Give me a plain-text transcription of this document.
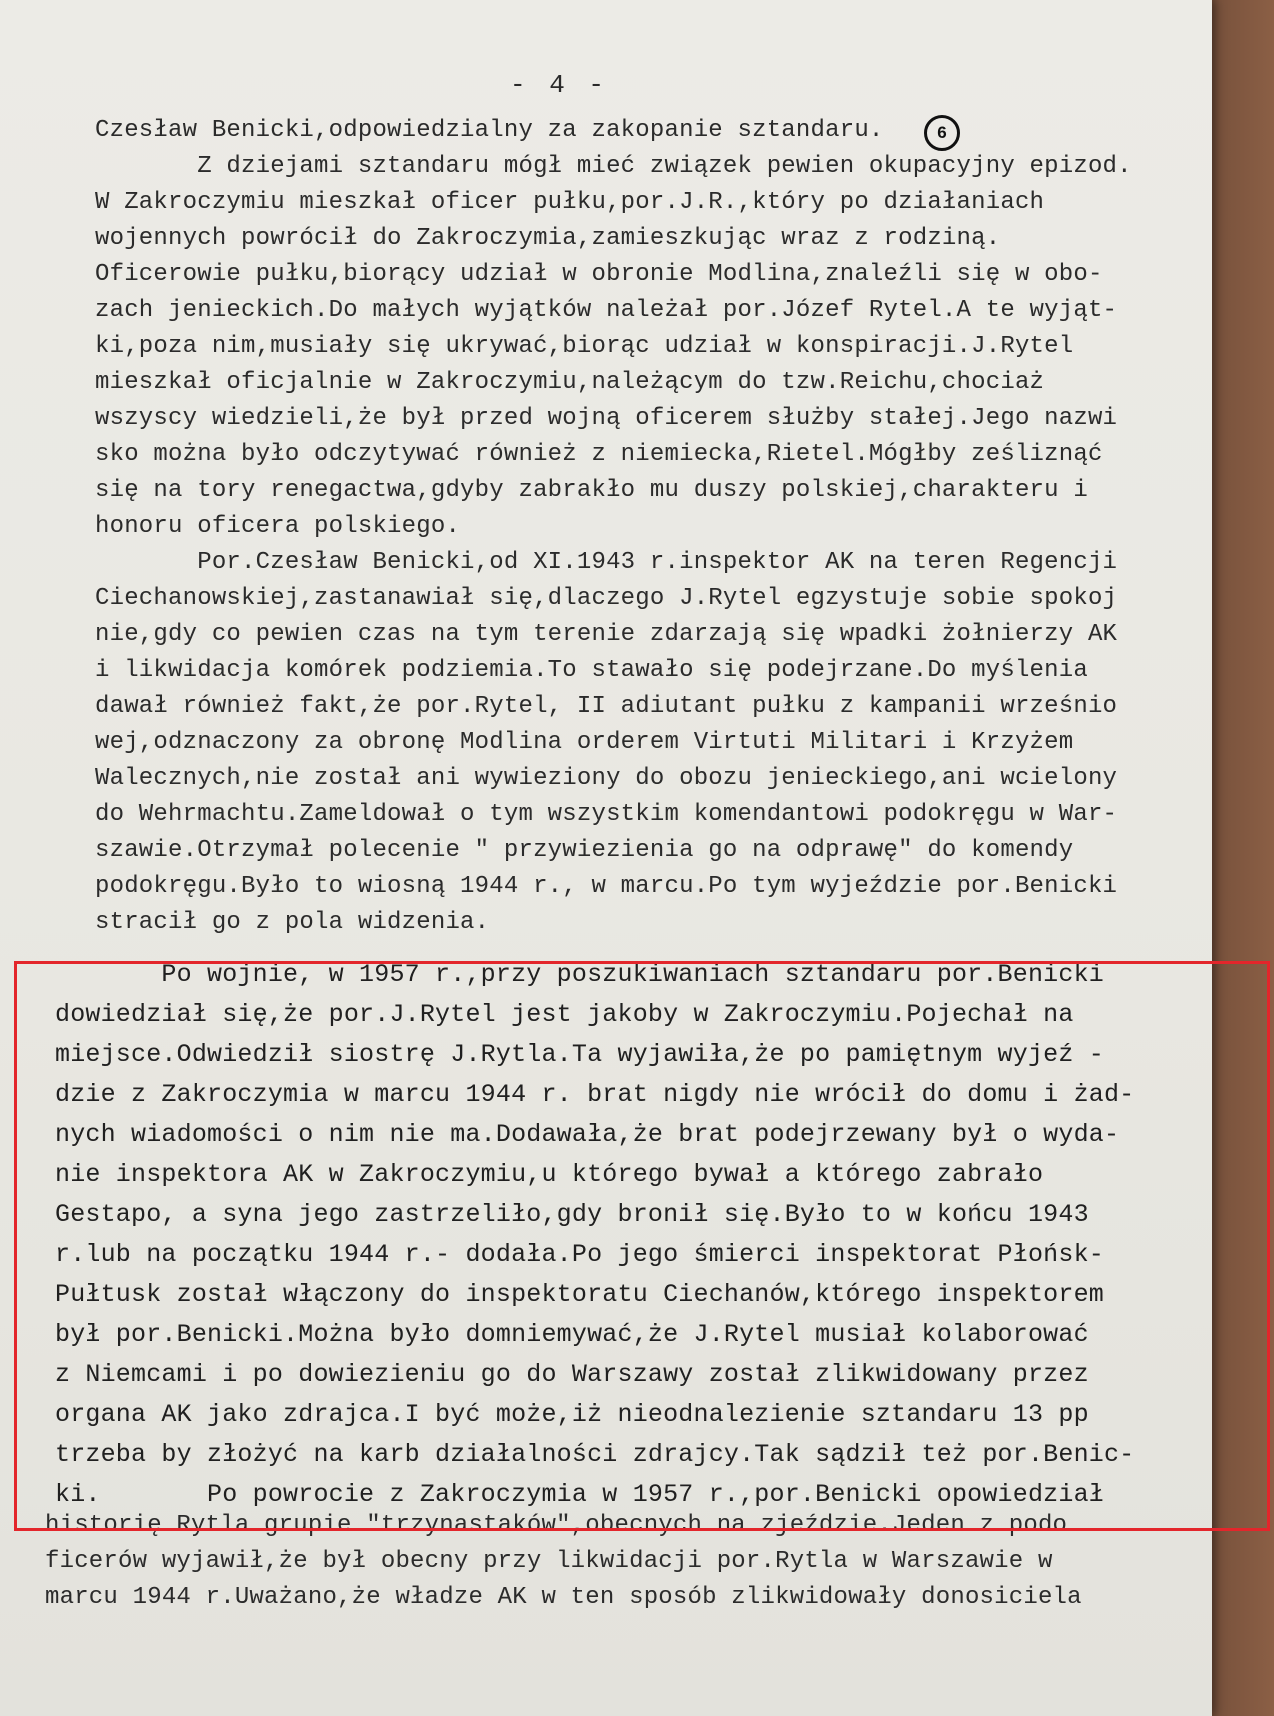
- 4 -
6
Czesław Benicki,odpowiedzialny za zakopanie sztandaru.
Z dziejami sztandaru mógł mieć związek pewien okupacyjny epizod.
W Zakroczymiu mieszkał oficer pułku,por.J.R.,który po działaniach
wojennych powrócił do Zakroczymia,zamieszkując wraz z rodziną.
Oficerowie pułku,biorący udział w obronie Modlina,znaleźli się w obo-
zach jenieckich.Do małych wyjątków należał por.Józef Rytel.A te wyjąt-
ki,poza nim,musiały się ukrywać,biorąc udział w konspiracji.J.Rytel
mieszkał oficjalnie w Zakroczymiu,należącym do tzw.Reichu,chociaż
wszyscy wiedzieli,że był przed wojną oficerem służby stałej.Jego nazwi
sko można było odczytywać również z niemiecka,Rietel.Mógłby ześliznąć
się na tory renegactwa,gdyby zabrakło mu duszy polskiej,charakteru i
honoru oficera polskiego.
Por.Czesław Benicki,od XI.1943 r.inspektor AK na teren Regencji
Ciechanowskiej,zastanawiał się,dlaczego J.Rytel egzystuje sobie spokoj
nie,gdy co pewien czas na tym terenie zdarzają się wpadki żołnierzy AK
i likwidacja komórek podziemia.To stawało się podejrzane.Do myślenia
dawał również fakt,że por.Rytel, II adiutant pułku z kampanii wrześnio
wej,odznaczony za obronę Modlina orderem Virtuti Militari i Krzyżem
Walecznych,nie został ani wywieziony do obozu jenieckiego,ani wcielony
do Wehrmachtu.Zameldował o tym wszystkim komendantowi podokręgu w War-
szawie.Otrzymał polecenie " przywiezienia go na odprawę" do komendy
podokręgu.Było to wiosną 1944 r., w marcu.Po tym wyjeździe por.Benicki
stracił go z pola widzenia.
Po wojnie, w 1957 r.,przy poszukiwaniach sztandaru por.Benicki
dowiedział się,że por.J.Rytel jest jakoby w Zakroczymiu.Pojechał na
miejsce.Odwiedził siostrę J.Rytla.Ta wyjawiła,że po pamiętnym wyjeź -
dzie z Zakroczymia w marcu 1944 r. brat nigdy nie wrócił do domu i żad-
nych wiadomości o nim nie ma.Dodawała,że brat podejrzewany był o wyda-
nie inspektora AK w Zakroczymiu,u którego bywał a którego zabrało
Gestapo, a syna jego zastrzeliło,gdy bronił się.Było to w końcu 1943
r.lub na początku 1944 r.- dodała.Po jego śmierci inspektorat Płońsk-
Pułtusk został włączony do inspektoratu Ciechanów,którego inspektorem
był por.Benicki.Można było domniemywać,że J.Rytel musiał kolaborować
z Niemcami i po dowiezieniu go do Warszawy został zlikwidowany przez
organa AK jako zdrajca.I być może,iż nieodnalezienie sztandaru 13 pp
trzeba by złożyć na karb działalności zdrajcy.Tak sądził też por.Benic-
ki.       Po powrocie z Zakroczymia w 1957 r.,por.Benicki opowiedział
historię Rytla grupie "trzynastaków",obecnych na zjeździe.Jeden z podo
ficerów wyjawił,że był obecny przy likwidacji por.Rytla w Warszawie w
marcu 1944 r.Uważano,że władze AK w ten sposób zlikwidowały donosiciela
